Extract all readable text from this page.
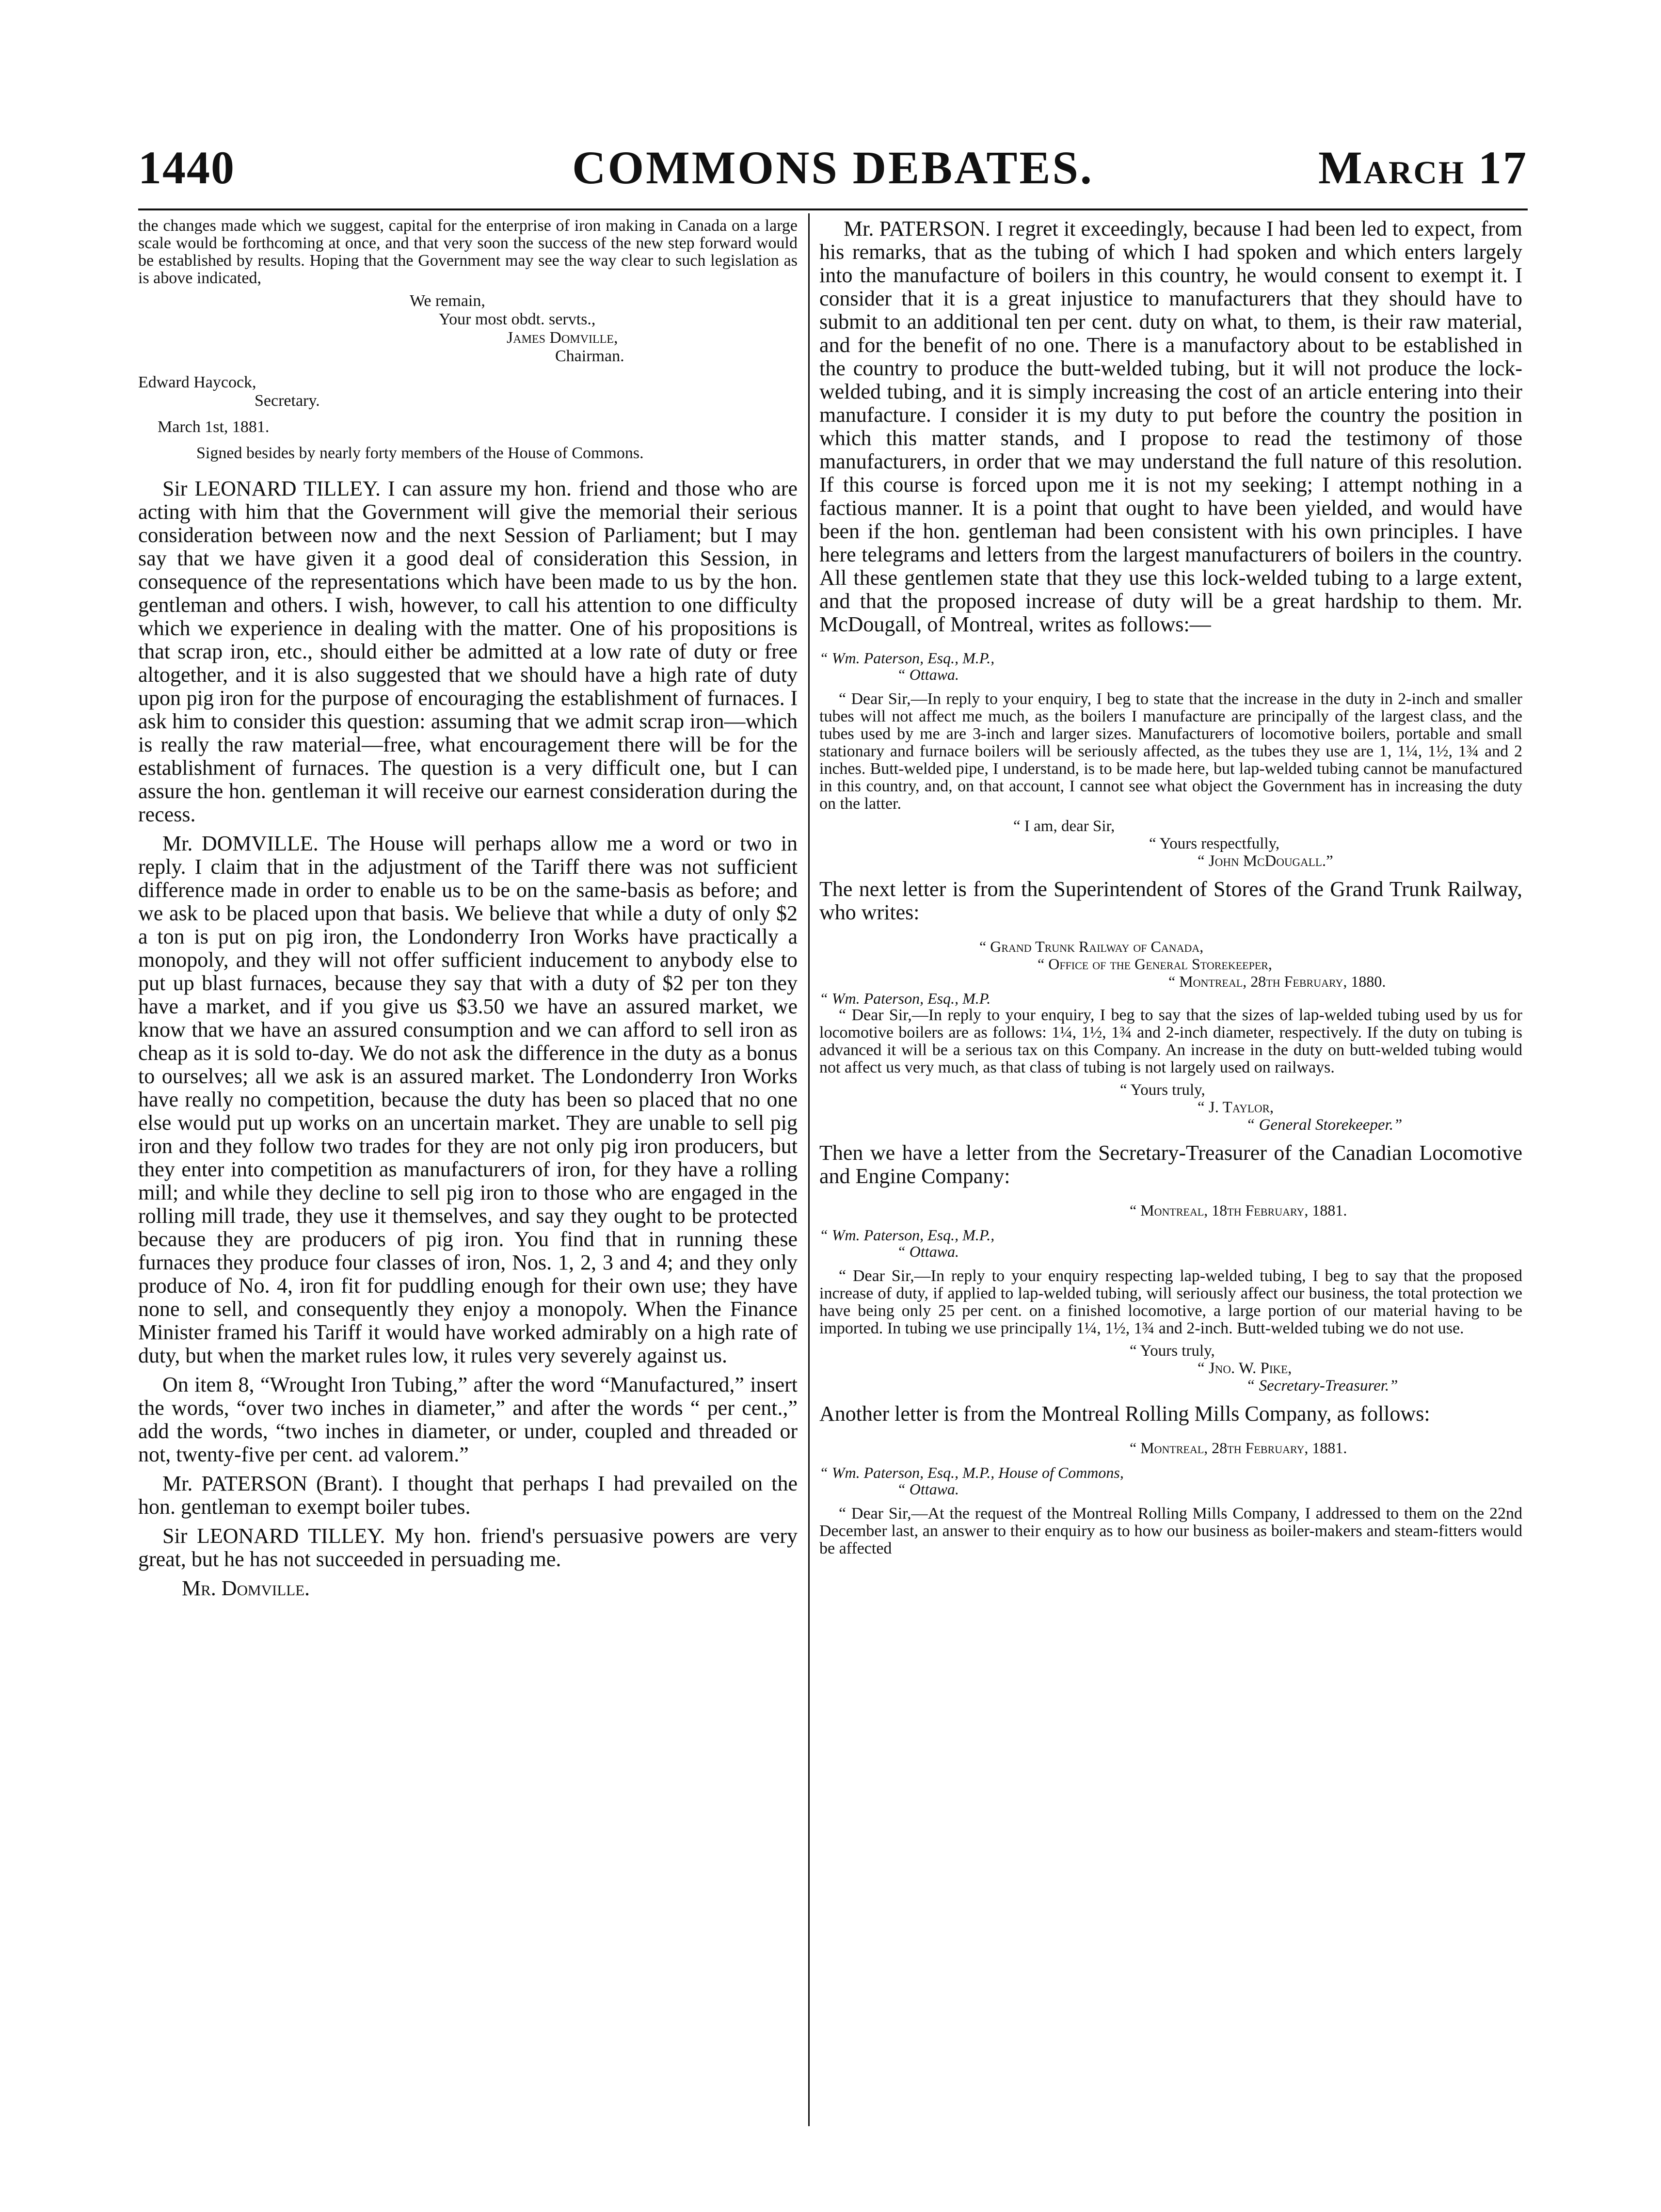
1440	COMMONS DEBATES.	March 17

the changes made which we suggest, capital for the enterprise of iron making in Canada on a large scale would be forthcoming at once, and that very soon the success of the new step forward would be established by results. Hoping that the Government may see the way clear to such legislation as is above indicated,

We remain,

Your most obdt. servts.,

James Domville,

Chairman.

Edward Haycock,

Secretary.

March 1st, 1881.

Signed besides by nearly forty members of the House of Commons.

Sir LEONARD TILLEY. I can assure my hon. friend and those who are acting with him that the Government will give the memorial their serious consideration between now and the next Session of Parliament; but I may say that we have given it a good deal of consideration this Session, in consequence of the representations which have been made to us by the hon. gentleman and others. I wish, however, to call his attention to one difficulty which we experience in dealing with the matter. One of his propositions is that scrap iron, etc., should either be admitted at a low rate of duty or free altogether, and it is also suggested that we should have a high rate of duty upon pig iron for the purpose of encouraging the establishment of furnaces. I ask him to consider this question: assuming that we admit scrap iron—which is really the raw material—free, what encouragement there will be for the establishment of furnaces. The question is a very difficult one, but I can assure the hon. gentleman it will receive our earnest consideration during the recess.

Mr. DOMVILLE. The House will perhaps allow me a word or two in reply. I claim that in the adjustment of the Tariff there was not sufficient difference made in order to enable us to be on the same-basis as before; and we ask to be placed upon that basis. We believe that while a duty of only $2 a ton is put on pig iron, the Londonderry Iron Works have practically a monopoly, and they will not offer sufficient inducement to anybody else to put up blast furnaces, because they say that with a duty of $2 per ton they have a market, and if you give us $3.50 we have an assured market, we know that we have an assured consumption and we can afford to sell iron as cheap as it is sold to-day. We do not ask the difference in the duty as a bonus to ourselves; all we ask is an assured market. The Londonderry Iron Works have really no competition, because the duty has been so placed that no one else would put up works on an uncertain market. They are unable to sell pig iron and they follow two trades for they are not only pig iron producers, but they enter into competition as manufacturers of iron, for they have a rolling mill; and while they decline to sell pig iron to those who are engaged in the rolling mill trade, they use it themselves, and say they ought to be protected because they are producers of pig iron. You find that in running these furnaces they produce four classes of iron, Nos. 1, 2, 3 and 4; and they only produce of No. 4, iron fit for puddling enough for their own use; they have none to sell, and consequently they enjoy a monopoly. When the Finance Minister framed his Tariff it would have worked admirably on a high rate of duty, but when the market rules low, it rules very severely against us.

On item 8, “Wrought Iron Tubing,” after the word “Manufactured,” insert the words, “over two inches in diameter,” and after the words “ per cent.,” add the words, “two inches in diameter, or under, coupled and threaded or not, twenty-five per cent. ad valorem.”

Mr. PATERSON (Brant). I thought that perhaps I had prevailed on the hon. gentleman to exempt boiler tubes.

Sir LEONARD TILLEY. My hon. friend's persuasive powers are very great, but he has not succeeded in persuading me.

Mr. Domville.

Mr. PATERSON. I regret it exceedingly, because I had been led to expect, from his remarks, that as the tubing of which I had spoken and which enters largely into the manufacture of boilers in this country, he would consent to exempt it. I consider that it is a great injustice to manufacturers that they should have to submit to an additional ten per cent. duty on what, to them, is their raw material, and for the benefit of no one. There is a manufactory about to be established in the country to produce the butt-welded tubing, but it will not produce the lock-welded tubing, and it is simply increasing the cost of an article entering into their manufacture. I consider it is my duty to put before the country the position in which this matter stands, and I propose to read the testimony of those manufacturers, in order that we may understand the full nature of this resolution. If this course is forced upon me it is not my seeking; I attempt nothing in a factious manner. It is a point that ought to have been yielded, and would have been if the hon. gentleman had been consistent with his own principles. I have here telegrams and letters from the largest manufacturers of boilers in the country. All these gentlemen state that they use this lock-welded tubing to a large extent, and that the proposed increase of duty will be a great hardship to them. Mr. McDougall, of Montreal, writes as follows:—

“ Wm. Paterson, Esq., M.P.,

“ Ottawa.

“ Dear Sir,—In reply to your enquiry, I beg to state that the increase in the duty in 2-inch and smaller tubes will not affect me much, as the boilers I manufacture are principally of the largest class, and the tubes used by me are 3-inch and larger sizes. Manufacturers of locomotive boilers, portable and small stationary and furnace boilers will be seriously affected, as the tubes they use are 1, 1¼, 1½, 1¾ and 2 inches. Butt-welded pipe, I understand, is to be made here, but lap-welded tubing cannot be manufactured in this country, and, on that account, I cannot see what object the Government has in increasing the duty on the latter.

“ I am, dear Sir,

“ Yours respectfully,

“ John McDougall.”

The next letter is from the Superintendent of Stores of the Grand Trunk Railway, who writes:

“ Grand Trunk Railway of Canada,

“ Office of the General Storekeeper,

“ Montreal, 28th February, 1880.

“ Wm. Paterson, Esq., M.P.

“ Dear Sir,—In reply to your enquiry, I beg to say that the sizes of lap-welded tubing used by us for locomotive boilers are as follows: 1¼, 1½, 1¾ and 2-inch diameter, respectively. If the duty on tubing is advanced it will be a serious tax on this Company. An increase in the duty on butt-welded tubing would not affect us very much, as that class of tubing is not largely used on railways.

“ Yours truly,

“ J. Taylor,

“ General Storekeeper.”

Then we have a letter from the Secretary-Treasurer of the Canadian Locomotive and Engine Company:

“ Montreal, 18th February, 1881.

“ Wm. Paterson, Esq., M.P.,

“ Ottawa.

“ Dear Sir,—In reply to your enquiry respecting lap-welded tubing, I beg to say that the proposed increase of duty, if applied to lap-welded tubing, will seriously affect our business, the total protection we have being only 25 per cent. on a finished locomotive, a large portion of our material having to be imported. In tubing we use principally 1¼, 1½, 1¾ and 2-inch. Butt-welded tubing we do not use.

“ Yours truly,

“ Jno. W. Pike,

“ Secretary-Treasurer.”

Another letter is from the Montreal Rolling Mills Company, as follows:

“ Montreal, 28th February, 1881.

“ Wm. Paterson, Esq., M.P., House of Commons,

“ Ottawa.

“ Dear Sir,—At the request of the Montreal Rolling Mills Company, I addressed to them on the 22nd December last, an answer to their enquiry as to how our business as boiler-makers and steam-fitters would be affected
